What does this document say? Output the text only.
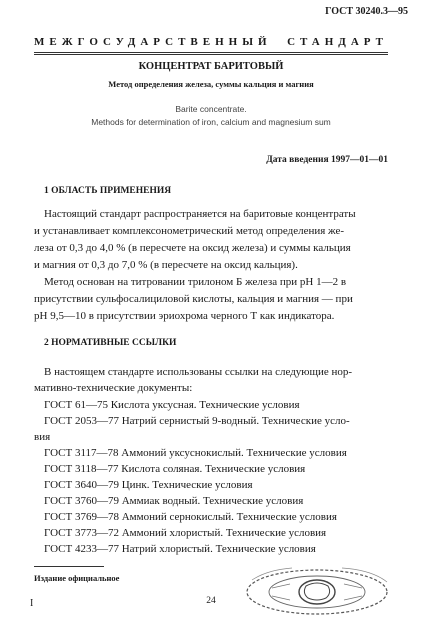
ГОСТ 30240.3—95
МЕЖГОСУДАРСТВЕННЫЙ СТАНДАРТ
КОНЦЕНТРАТ БАРИТОВЫЙ
Метод определения железа, суммы кальция и магния
Barite concentrate.
Methods for determination of iron, calcium and magnesium sum
Дата введения 1997—01—01
1 ОБЛАСТЬ ПРИМЕНЕНИЯ
Настоящий стандарт распространяется на баритовые концентраты
и устанавливает комплексонометрический метод определения же-
леза от 0,3 до 4,0 % (в пересчете на оксид железа) и суммы кальция
и магния от 0,3 до 7,0 % (в пересчете на оксид кальция).
Метод основан на титровании трилоном Б железа при pH 1—2 в
присутствии сульфосалициловой кислоты, кальция и магния — при
pH 9,5—10 в присутствии эриохрома черного Т как индикатора.
2 НОРМАТИВНЫЕ ССЫЛКИ
В настоящем стандарте использованы ссылки на следующие нор-
мативно-технические документы:
ГОСТ 61—75 Кислота уксусная. Технические условия
ГОСТ 2053—77 Натрий сернистый 9-водный. Технические усло-
вия
ГОСТ 3117—78 Аммоний уксуснокислый. Технические условия
ГОСТ 3118—77 Кислота соляная. Технические условия
ГОСТ 3640—79 Цинк. Технические условия
ГОСТ 3760—79 Аммиак водный. Технические условия
ГОСТ 3769—78 Аммоний сернокислый. Технические условия
ГОСТ 3773—72 Аммоний хлористый. Технические условия
ГОСТ 4233—77 Натрий хлористый. Технические условия
Издание официальное
I	24
